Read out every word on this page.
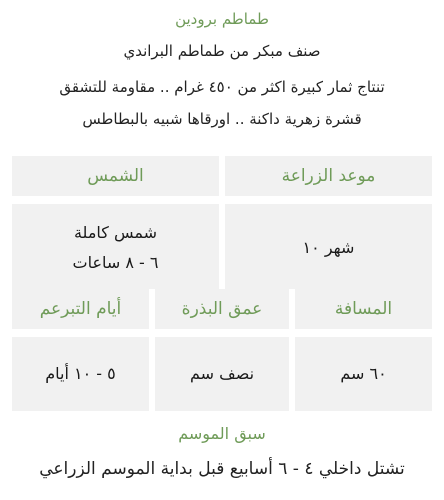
طماطم برودين
صنف مبكر من طماطم البراندي
تنتاج ثمار كبيرة اكثر من ٤٥٠ غرام .. مقاومة للتشقق
قشرة زهرية داكنة .. اورقاها شبيه بالبطاطس
موعد الزراعة	الشمس
شهر ١٠	شمس كاملة
٦ - ٨ ساعات
المسافة	عمق البذرة	أيام التبرعم
٦٠ سم	نصف سم	٥ - ١٠ أيام
سبق الموسم
تشتل داخلي ٤ - ٦ أسابيع قبل بداية الموسم الزراعي
